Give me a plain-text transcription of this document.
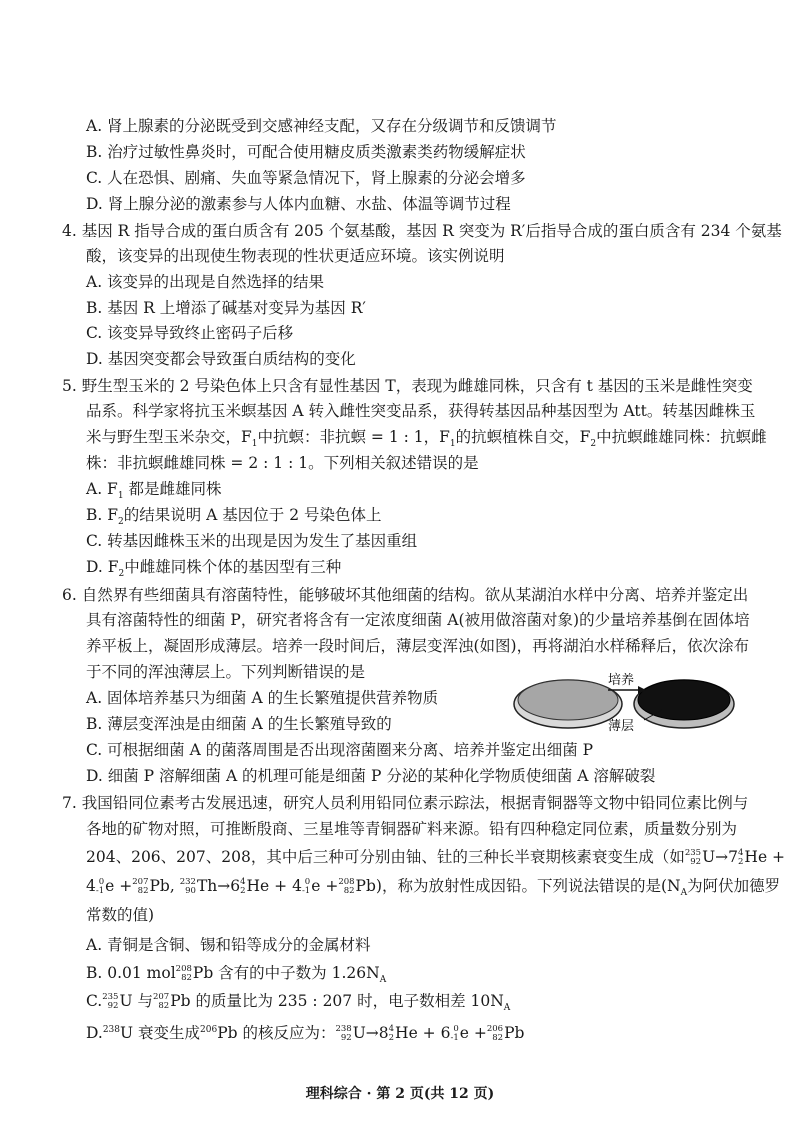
A. 肾上腺素的分泌既受到交感神经支配，又存在分级调节和反馈调节
B. 治疗过敏性鼻炎时，可配合使用糖皮质类激素类药物缓解症状
C. 人在恐惧、剧痛、失血等紧急情况下，肾上腺素的分泌会增多
D. 肾上腺分泌的激素参与人体内血糖、水盐、体温等调节过程
4. 基因 R 指导合成的蛋白质含有 205 个氨基酸，基因 R 突变为 R′后指导合成的蛋白质含有 234 个氨基
酸，该变异的出现使生物表现的性状更适应环境。该实例说明
A. 该变异的出现是自然选择的结果
B. 基因 R 上增添了碱基对变异为基因 R′
C. 该变异导致终止密码子后移
D. 基因突变都会导致蛋白质结构的变化
5. 野生型玉米的 2 号染色体上只含有显性基因 T，表现为雌雄同株，只含有 t 基因的玉米是雌性突变
品系。科学家将抗玉米螟基因 A 转入雌性突变品系，获得转基因品种基因型为 Att。转基因雌株玉
米与野生型玉米杂交，$F_1$中抗螟：非抗螟 = 1 : 1，$F_1$的抗螟植株自交，$F_2$中抗螟雌雄同株：抗螟雌
株：非抗螟雌雄同株 = 2 : 1 : 1。下列相关叙述错误的是
A. $F_1$ 都是雌雄同株
B. $F_2$的结果说明 A 基因位于 2 号染色体上
C. 转基因雌株玉米的出现是因为发生了基因重组
D. $F_2$中雌雄同株个体的基因型有三种
6. 自然界有些细菌具有溶菌特性，能够破坏其他细菌的结构。欲从某湖泊水样中分离、培养并鉴定出
具有溶菌特性的细菌 P，研究者将含有一定浓度细菌 A(被用做溶菌对象)的少量培养基倒在固体培
养平板上，凝固形成薄层。培养一段时间后，薄层变浑浊(如图)，再将湖泊水样稀释后，依次涂布
于不同的浑浊薄层上。下列判断错误的是
A. 固体培养基只为细菌 A 的生长繁殖提供营养物质
B. 薄层变浑浊是由细菌 A 的生长繁殖导致的
C. 可根据细菌 A 的菌落周围是否出现溶菌圈来分离、培养并鉴定出细菌 P
D. 细菌 P 溶解细菌 A 的机理可能是细菌 P 分泌的某种化学物质使细菌 A 溶解破裂
培养
薄层
7. 我国铅同位素考古发展迅速，研究人员利用铅同位素示踪法，根据青铜器等文物中铅同位素比例与
各地的矿物对照，可推断殷商、三星堆等青铜器矿料来源。铅有四种稳定同位素，质量数分别为
204、206、207、208，其中后三种可分别由铀、钍的三种长半衰期核素衰变生成（如 235
92 U→7 4
2 He +
4 0
-1 e + 207
82 Pb, 232
90 Th→6 4
2 He + 4 0
-1 e + 208
82 Pb)，称为放射性成因铅。下列说法错误的是($N_A$为阿伏加德罗
常数的值)
A. 青铜是含铜、锡和铅等成分的金属材料
B. 0.01 mol 208
82 Pb 含有的中子数为 $1.26N_A$
C. 235
92 U 与 207
82 Pb 的质量比为 235 : 207 时，电子数相差 $10N_A$
D.$^{238}$U 衰变生成$^{206}$Pb 的核反应为： 238
92 U→8 4
2 He + 6 0
-1 e + 206
82 Pb
理科综合 · 第 2 页(共 12 页)
